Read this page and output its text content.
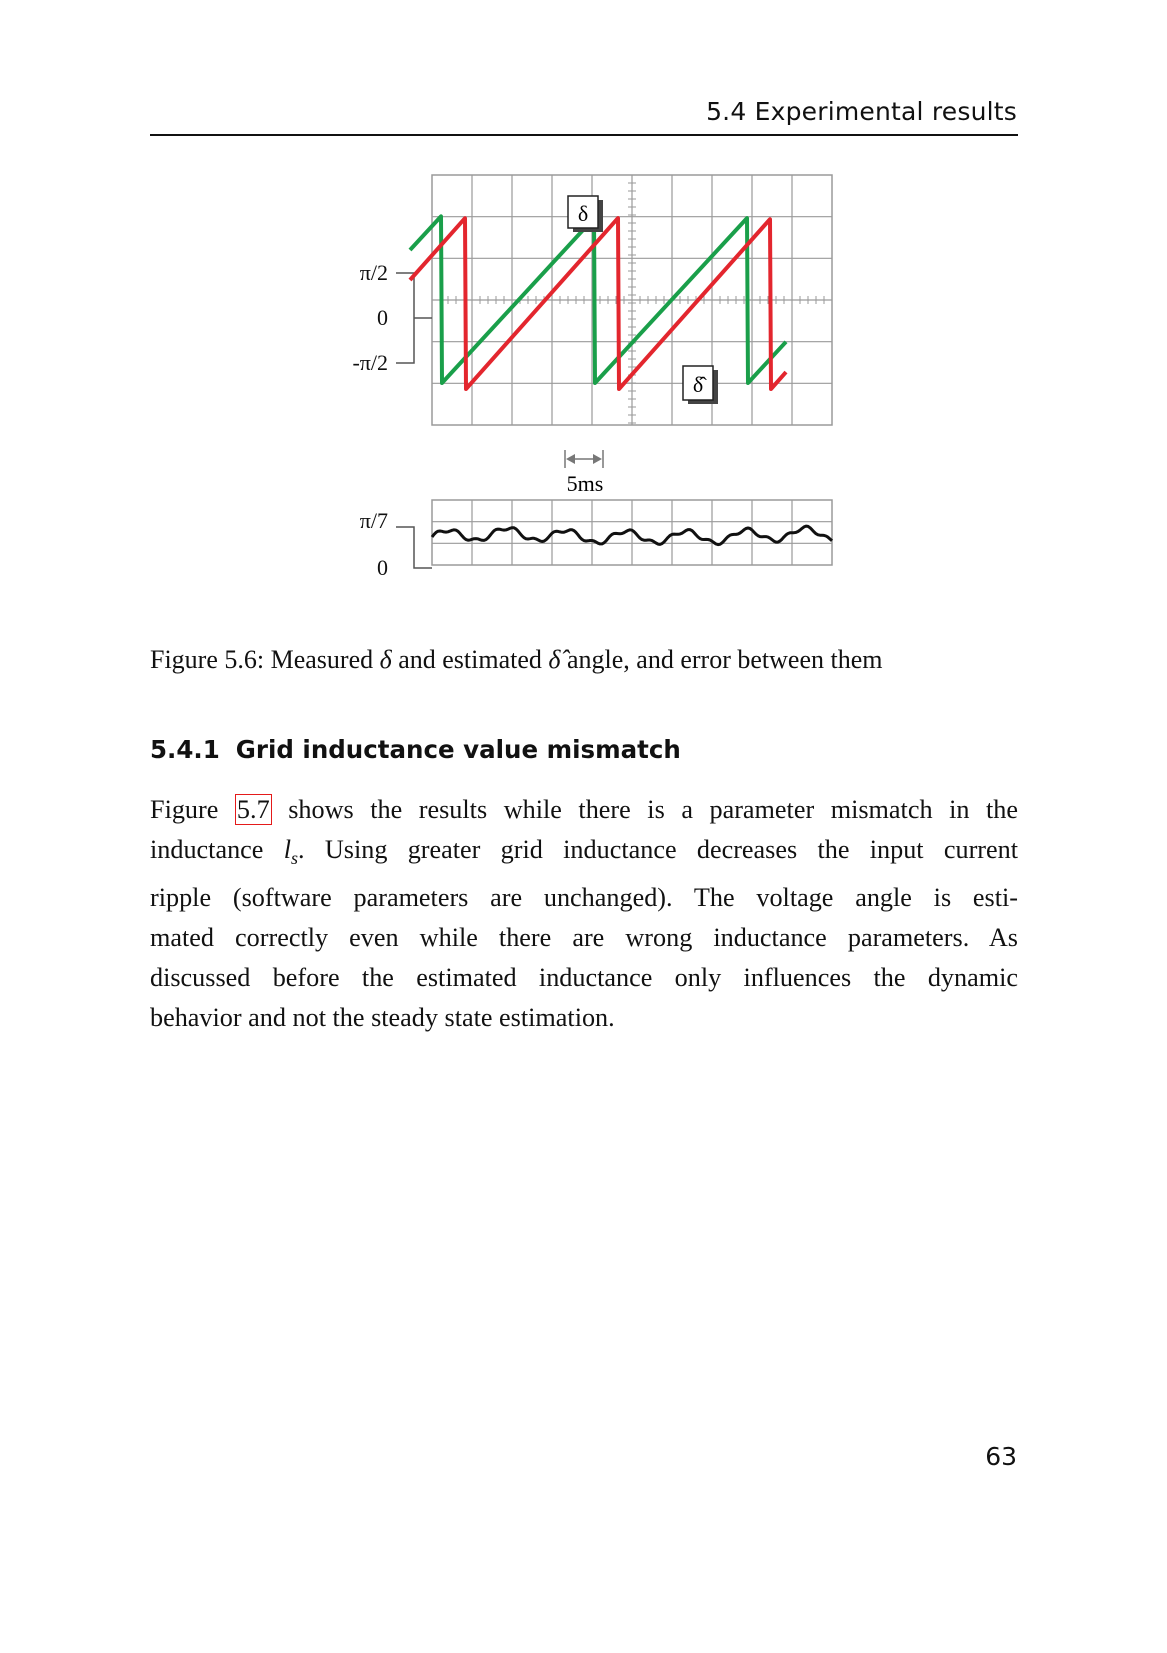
5.4 Experimental results
π/2
0
-π/2
δ
δ̂
5ms
π/7
0
Figure 5.6: Measured δ and estimated δ̂ angle, and error between them
5.4.1 Grid inductance value mismatch
Figure 5.7 shows the results while there is a parameter mismatch in the
inductance $l_s$. Using greater grid inductance decreases the input current
ripple (software parameters are unchanged). The voltage angle is esti-
mated correctly even while there are wrong inductance parameters. As
discussed before the estimated inductance only influences the dynamic
behavior and not the steady state estimation.
63
